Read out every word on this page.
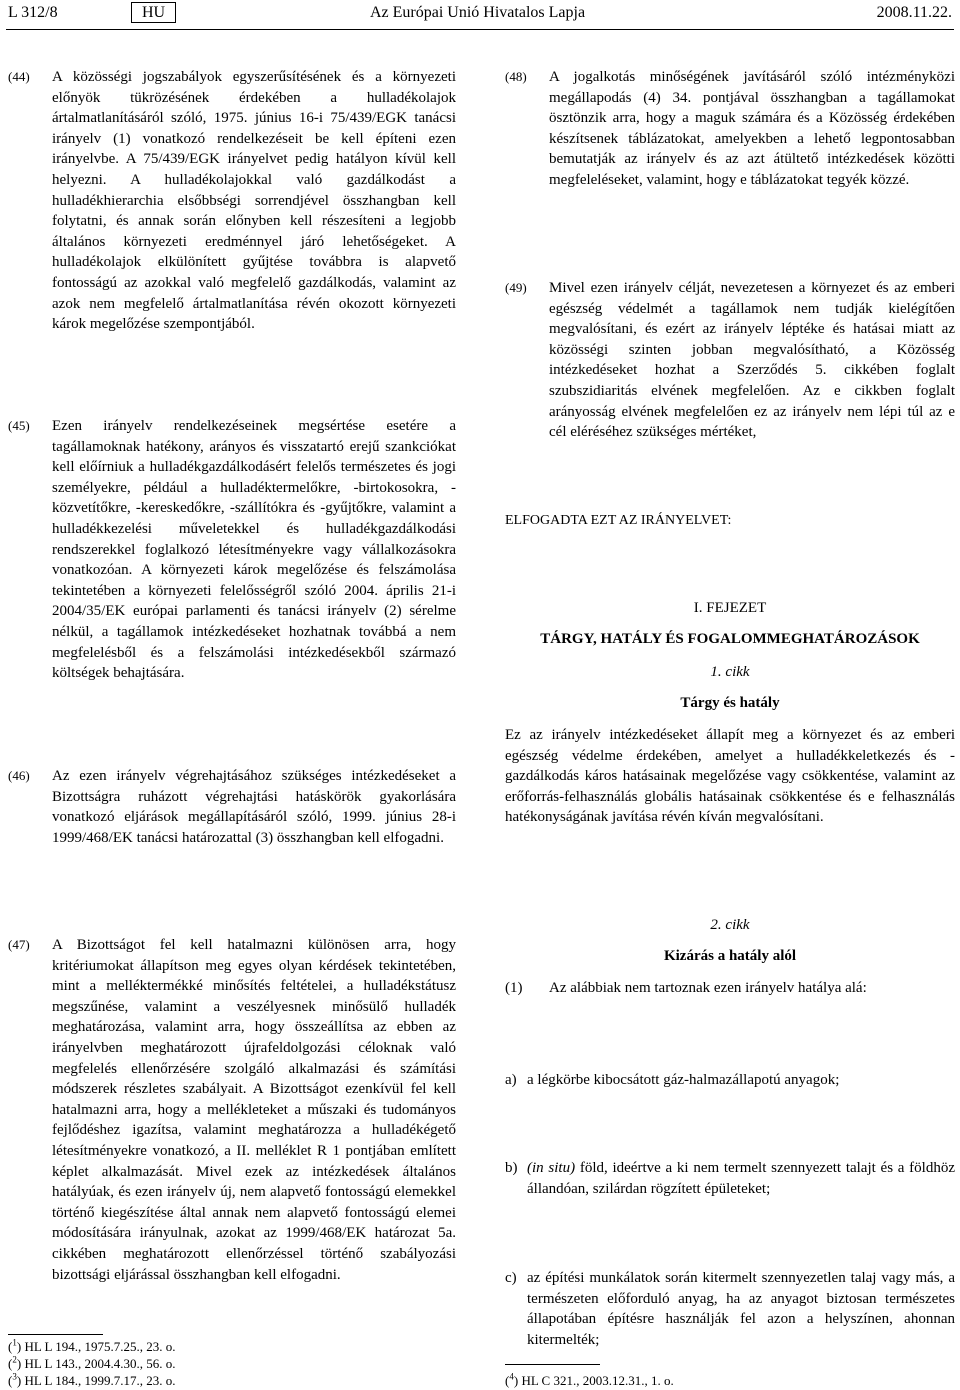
L 312/8	HU	Az Európai Unió Hivatalos Lapja	2008.11.22.
(44) A közösségi jogszabályok egyszerűsítésének és a környezeti előnyök tükrözésének érdekében a hulladékolajok ártalmatlanításáról szóló, 1975. június 16-i 75/439/EGK tanácsi irányelv (1) vonatkozó rendelkezéseit be kell építeni ezen irányelvbe. A 75/439/EGK irányelvet pedig hatályon kívül kell helyezni. A hulladékolajokkal való gazdálkodást a hulladékhierarchia elsőbbségi sorrendjével összhangban kell folytatni, és annak során előnyben kell részesíteni a legjobb általános környezeti eredménnyel járó lehetőségeket. A hulladékolajok elkülönített gyűjtése továbbra is alapvető fontosságú az azokkal való megfelelő gazdálkodás, valamint az azok nem megfelelő ártalmatlanítása révén okozott környezeti károk megelőzése szempontjából.
(45) Ezen irányelv rendelkezéseinek megsértése esetére a tagállamoknak hatékony, arányos és visszatartó erejű szankciókat kell előírniuk a hulladékgazdálkodásért felelős természetes és jogi személyekre, például a hulladéktermelőkre, -birtokosokra, -közvetítőkre, -kereskedőkre, -szállítókra és -gyűjtőkre, valamint a hulladékkezelési műveletekkel és hulladékgazdálkodási rendszerekkel foglalkozó létesítményekre vagy vállalkozásokra vonatkozóan. A környezeti károk megelőzése és felszámolása tekintetében a környezeti felelősségről szóló 2004. április 21-i 2004/35/EK európai parlamenti és tanácsi irányelv (2) sérelme nélkül, a tagállamok intézkedéseket hozhatnak továbbá a nem megfelelésből és a felszámolási intézkedésekből származó költségek behajtására.
(46) Az ezen irányelv végrehajtásához szükséges intézkedéseket a Bizottságra ruházott végrehajtási hatáskörök gyakorlására vonatkozó eljárások megállapításáról szóló, 1999. június 28-i 1999/468/EK tanácsi határozattal (3) összhangban kell elfogadni.
(48) A jogalkotás minőségének javításáról szóló intézményközi megállapodás (4) 34. pontjával összhangban a tagállamokat ösztönzik arra, hogy a maguk számára és a Közösség érdekében készítsenek táblázatokat, amelyekben a lehető legpontosabban bemutatják az irányelv és az azt átültető intézkedések közötti megfeleléseket, valamint, hogy e táblázatokat tegyék közzé.
(49) Mivel ezen irányelv célját, nevezetesen a környezet és az emberi egészség védelmét a tagállamok nem tudják kielégítően megvalósítani, és ezért az irányelv léptéke és hatásai miatt az közösségi szinten jobban megvalósítható, a Közösség intézkedéseket hozhat a Szerződés 5. cikkében foglalt szubszidiaritás elvének megfelelően. Az e cikkben foglalt arányosság elvének megfelelően ez az irányelv nem lépi túl az e cél eléréséhez szükséges mértéket,
ELFOGADTA EZT AZ IRÁNYELVET:
I. FEJEZET
TÁRGY, HATÁLY ÉS FOGALOMMEGHATÁROZÁSOK
1. cikk
Tárgy és hatály
Ez az irányelv intézkedéseket állapít meg a környezet és az emberi egészség védelme érdekében, amelyet a hulladékkeletkezés és -gazdálkodás káros hatásainak megelőzése vagy csökkentése, valamint az erőforrás-felhasználás globális hatásainak csökkentése és e felhasználás hatékonyságának javítása révén kíván megvalósítani.
(47) A Bizottságot fel kell hatalmazni különösen arra, hogy kritériumokat állapítson meg egyes olyan kérdések tekintetében, mint a melléktermékké minősítés feltételei, a hulladékstátusz megszűnése, valamint a veszélyesnek minősülő hulladék meghatározása, valamint arra, hogy összeállítsa az ebben az irányelvben meghatározott újrafeldolgozási céloknak való megfelelés ellenőrzésére szolgáló alkalmazási és számítási módszerek részletes szabályait. A Bizottságot ezenkívül fel kell hatalmazni arra, hogy a mellékleteket a műszaki és tudományos fejlődéshez igazítsa, valamint meghatározza a hulladékégető létesítményekre vonatkozó, a II. melléklet R 1 pontjában említett képlet alkalmazását. Mivel ezek az intézkedések általános hatályúak, és ezen irányelv új, nem alapvető fontosságú elemekkel történő kiegészítése által annak nem alapvető fontosságú elemei módosítására irányulnak, azokat az 1999/468/EK határozat 5a. cikkében meghatározott ellenőrzéssel történő szabályozási bizottsági eljárással összhangban kell elfogadni.
2. cikk
Kizárás a hatály alól
(1) Az alábbiak nem tartoznak ezen irányelv hatálya alá:
a) a légkörbe kibocsátott gáz-halmazállapotú anyagok;
b) (in situ) föld, ideértve a ki nem termelt szennyezett talajt és a földhöz állandóan, szilárdan rögzített épületeket;
c) az építési munkálatok során kitermelt szennyezetlen talaj vagy más, a természeten előforduló anyag, ha az anyagot biztosan természetes állapotában építésre használják fel azon a helyszínen, ahonnan kitermelték;
($^1$) HL L 194., 1975.7.25., 23. o.
($^2$) HL L 143., 2004.4.30., 56. o.
($^3$) HL L 184., 1999.7.17., 23. o.	($^4$) HL C 321., 2003.12.31., 1. o.
